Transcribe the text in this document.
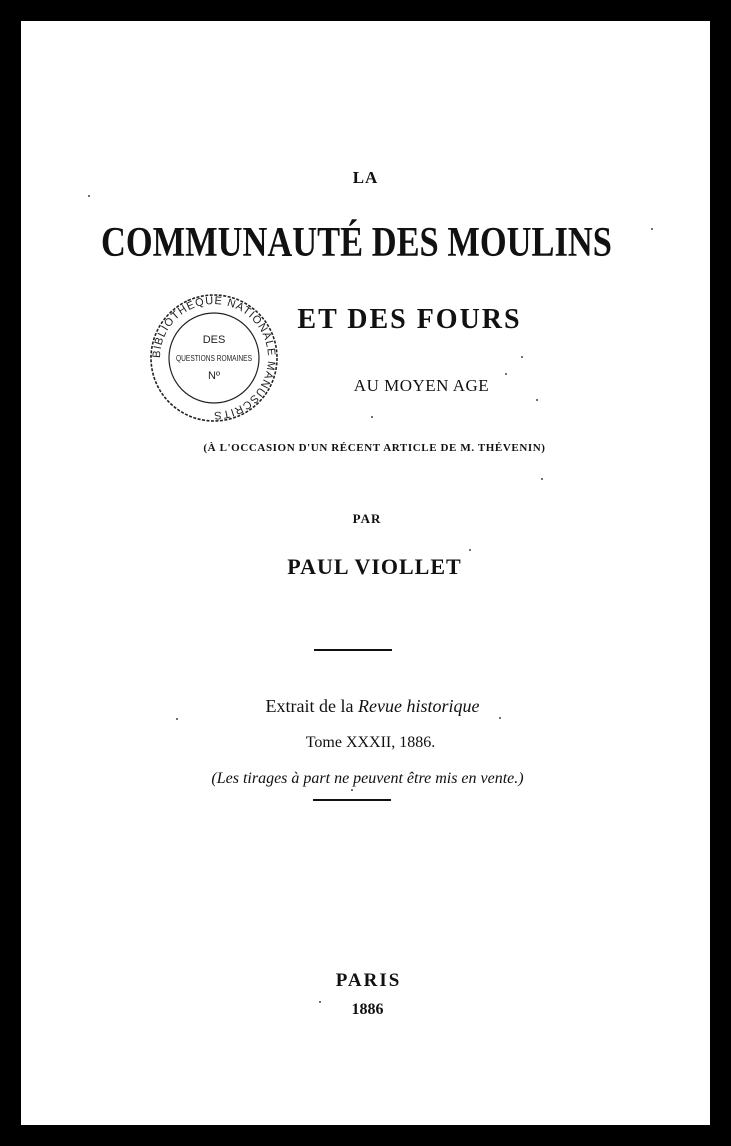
LA
COMMUNAUTÉ DES MOULINS
ET DES FOURS
AU MOYEN AGE
(À L'OCCASION D'UN RÉCENT ARTICLE DE M. THÉVENIN)
PAR
PAUL VIOLLET
Extrait de la Revue historique
Tome XXXII, 1886.
(Les tirages à part ne peuvent être mis en vente.)
PARIS
1886
BIBLIOTHÈQUE NATIONALE MANUSCRITS
DES
QUESTIONS ROMAINES
Nº
